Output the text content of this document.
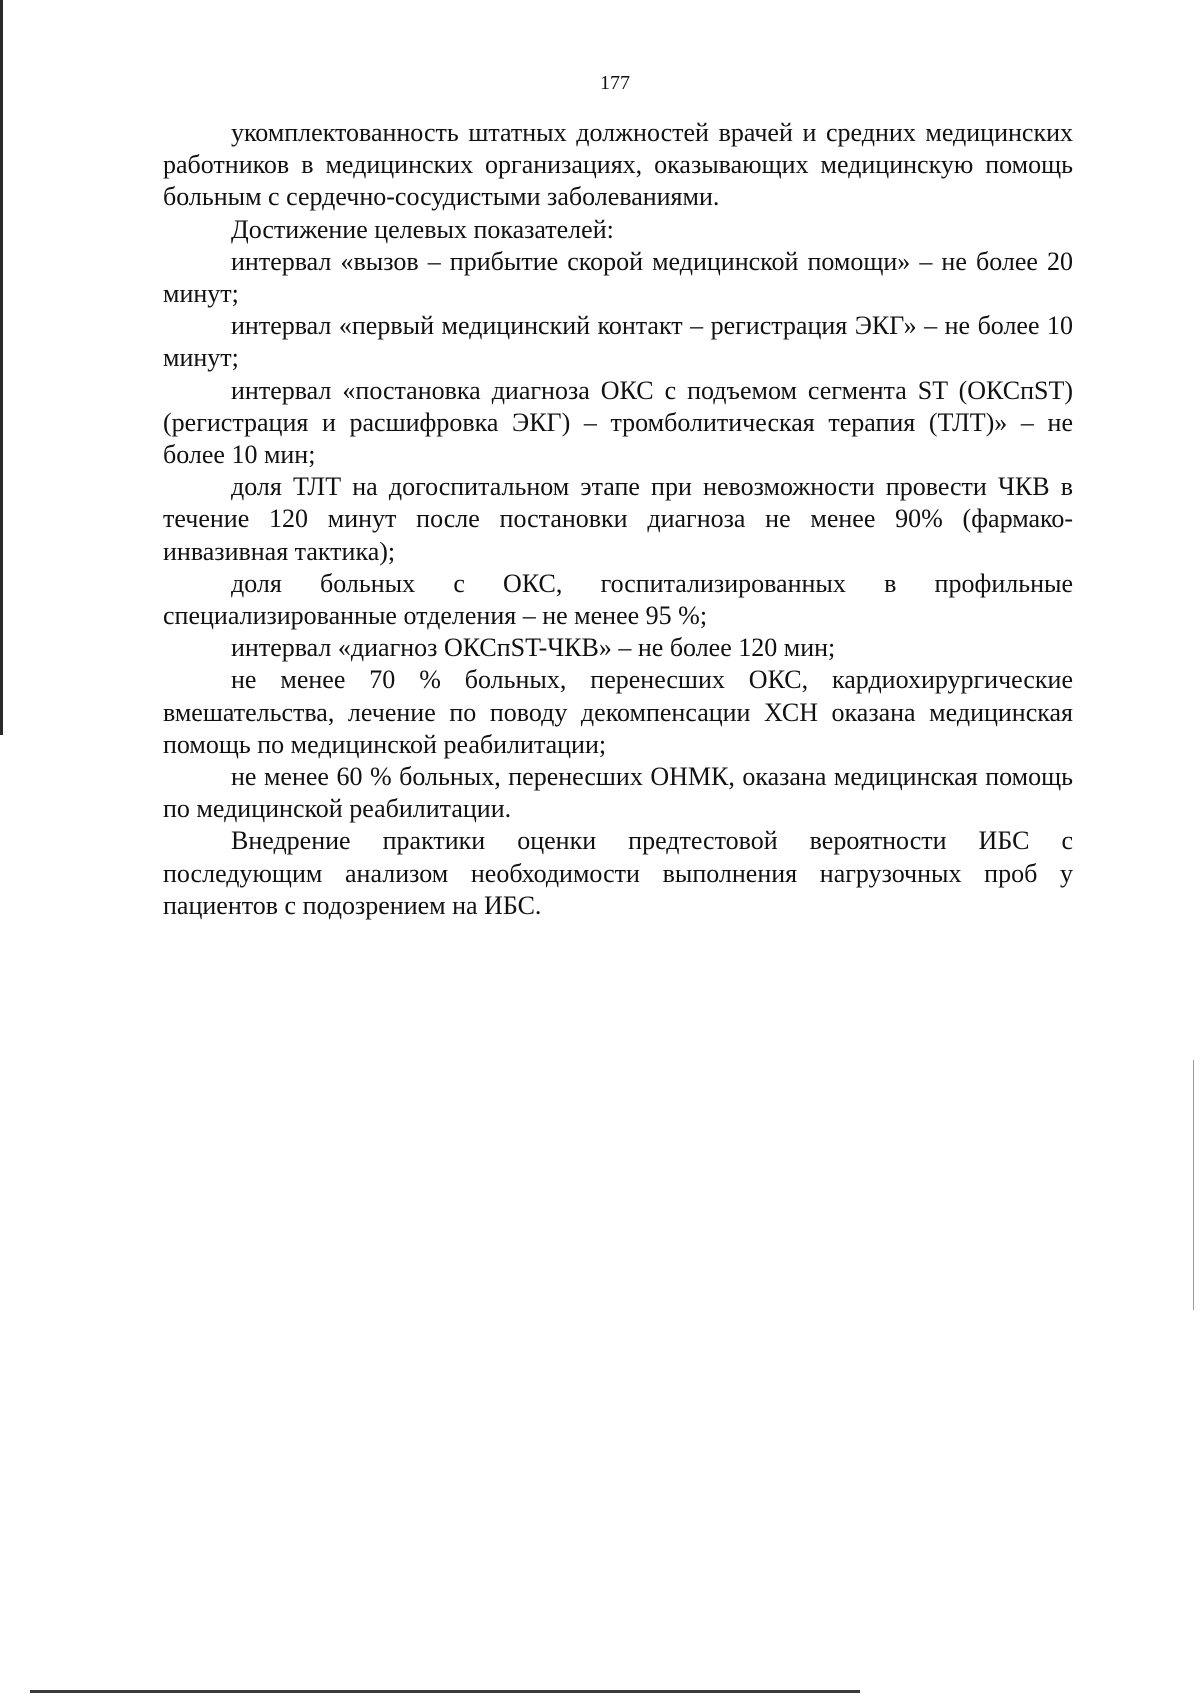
177

укомплектованность штатных должностей врачей и средних медицинских работников в медицинских организациях, оказывающих медицинскую помощь больным с сердечно-сосудистыми заболеваниями.

Достижение целевых показателей:

интервал «вызов – прибытие скорой медицинской помощи» – не более 20 минут;

интервал «первый медицинский контакт – регистрация ЭКГ» – не более 10 минут;

интервал «постановка диагноза ОКС с подъемом сегмента ST (ОКСпST) (регистрация и расшифровка ЭКГ) – тромболитическая терапия (ТЛТ)» – не более 10 мин;

доля ТЛТ на догоспитальном этапе при невозможности провести ЧКВ в течение 120 минут после постановки диагноза не менее 90% (фармако-инвазивная тактика);

доля больных с ОКС, госпитализированных в профильные специализированные отделения – не менее 95 %;

интервал «диагноз ОКСпST-ЧКВ» – не более 120 мин;

не менее 70 % больных, перенесших ОКС, кардиохирургические вмешательства, лечение по поводу декомпенсации ХСН оказана медицинская помощь по медицинской реабилитации;

не менее 60 % больных, перенесших ОНМК, оказана медицинская помощь по медицинской реабилитации.

Внедрение практики оценки предтестовой вероятности ИБС с последующим анализом необходимости выполнения нагрузочных проб у пациентов с подозрением на ИБС.
